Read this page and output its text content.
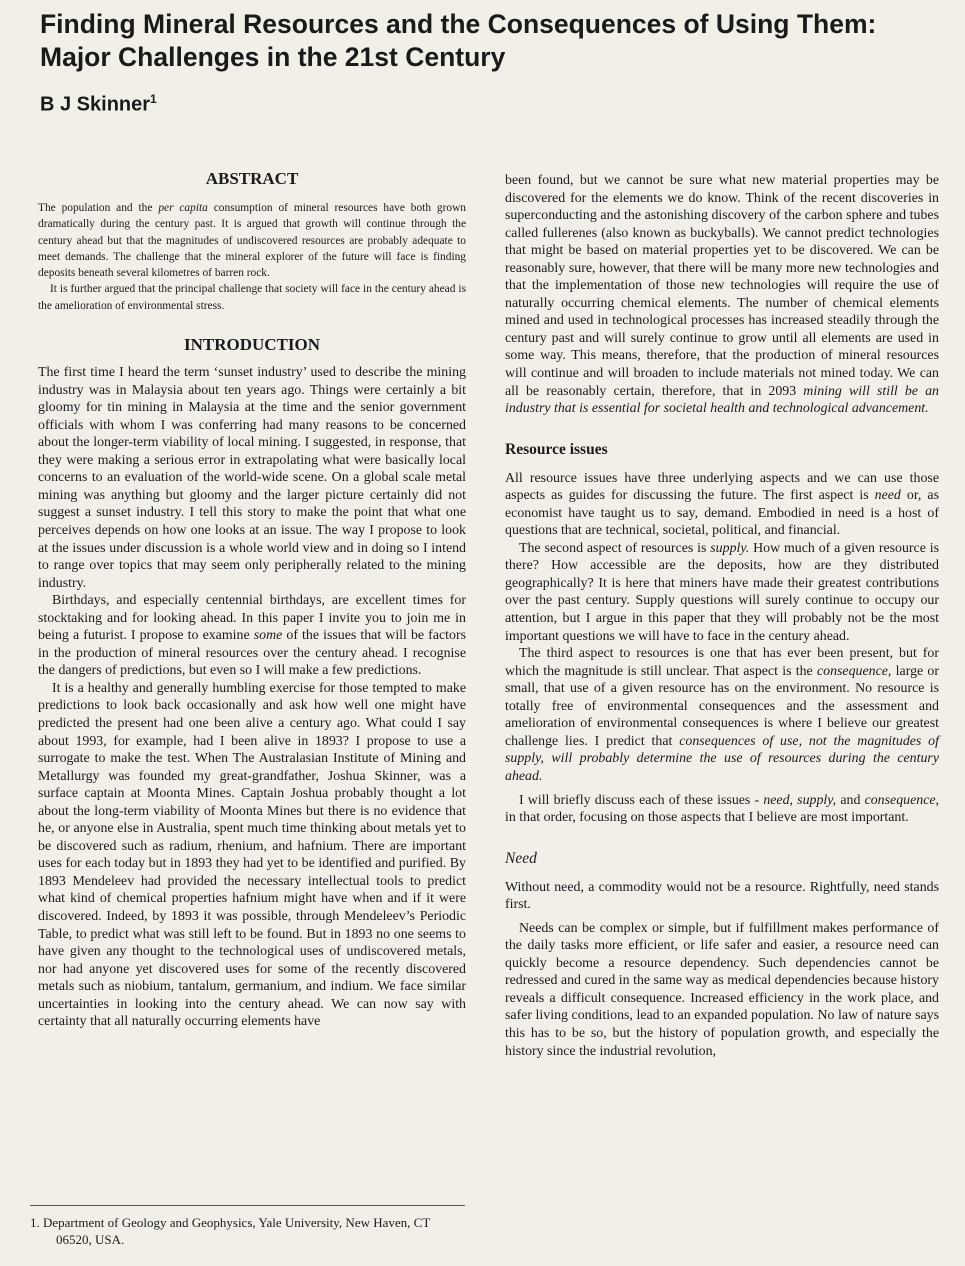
Finding Mineral Resources and the Consequences of Using Them: Major Challenges in the 21st Century

B J Skinner$^1$

ABSTRACT

The population and the per capita consumption of mineral resources have both grown dramatically during the century past. It is argued that growth will continue through the century ahead but that the magnitudes of undiscovered resources are probably adequate to meet demands. The challenge that the mineral explorer of the future will face is finding deposits beneath several kilometres of barren rock.

It is further argued that the principal challenge that society will face in the century ahead is the amelioration of environmental stress.

INTRODUCTION

The first time I heard the term ‘sunset industry’ used to describe the mining industry was in Malaysia about ten years ago. Things were certainly a bit gloomy for tin mining in Malaysia at the time and the senior government officials with whom I was conferring had many reasons to be concerned about the longer-term viability of local mining. I suggested, in response, that they were making a serious error in extrapolating what were basically local concerns to an evaluation of the world-wide scene. On a global scale metal mining was anything but gloomy and the larger picture certainly did not suggest a sunset industry. I tell this story to make the point that what one perceives depends on how one looks at an issue. The way I propose to look at the issues under discussion is a whole world view and in doing so I intend to range over topics that may seem only peripherally related to the mining industry.

Birthdays, and especially centennial birthdays, are excellent times for stocktaking and for looking ahead. In this paper I invite you to join me in being a futurist. I propose to examine some of the issues that will be factors in the production of mineral resources over the century ahead. I recognise the dangers of predictions, but even so I will make a few predictions.

It is a healthy and generally humbling exercise for those tempted to make predictions to look back occasionally and ask how well one might have predicted the present had one been alive a century ago. What could I say about 1993, for example, had I been alive in 1893? I propose to use a surrogate to make the test. When The Australasian Institute of Mining and Metallurgy was founded my great-grandfather, Joshua Skinner, was a surface captain at Moonta Mines. Captain Joshua probably thought a lot about the long-term viability of Moonta Mines but there is no evidence that he, or anyone else in Australia, spent much time thinking about metals yet to be discovered such as radium, rhenium, and hafnium. There are important uses for each today but in 1893 they had yet to be identified and purified. By 1893 Mendeleev had provided the necessary intellectual tools to predict what kind of chemical properties hafnium might have when and if it were discovered. Indeed, by 1893 it was possible, through Mendeleev’s Periodic Table, to predict what was still left to be found. But in 1893 no one seems to have given any thought to the technological uses of undiscovered metals, nor had anyone yet discovered uses for some of the recently discovered metals such as niobium, tantalum, germanium, and indium. We face similar uncertainties in looking into the century ahead. We can now say with certainty that all naturally occurring elements have

been found, but we cannot be sure what new material properties may be discovered for the elements we do know. Think of the recent discoveries in superconducting and the astonishing discovery of the carbon sphere and tubes called fullerenes (also known as buckyballs). We cannot predict technologies that might be based on material properties yet to be discovered. We can be reasonably sure, however, that there will be many more new technologies and that the implementation of those new technologies will require the use of naturally occurring chemical elements. The number of chemical elements mined and used in technological processes has increased steadily through the century past and will surely continue to grow until all elements are used in some way. This means, therefore, that the production of mineral resources will continue and will broaden to include materials not mined today. We can all be reasonably certain, therefore, that in 2093 mining will still be an industry that is essential for societal health and technological advancement.

Resource issues

All resource issues have three underlying aspects and we can use those aspects as guides for discussing the future. The first aspect is need or, as economist have taught us to say, demand. Embodied in need is a host of questions that are technical, societal, political, and financial.

The second aspect of resources is supply. How much of a given resource is there? How accessible are the deposits, how are they distributed geographically? It is here that miners have made their greatest contributions over the past century. Supply questions will surely continue to occupy our attention, but I argue in this paper that they will probably not be the most important questions we will have to face in the century ahead.

The third aspect to resources is one that has ever been present, but for which the magnitude is still unclear. That aspect is the consequence, large or small, that use of a given resource has on the environment. No resource is totally free of environmental consequences and the assessment and amelioration of environmental consequences is where I believe our greatest challenge lies. I predict that consequences of use, not the magnitudes of supply, will probably determine the use of resources during the century ahead.

I will briefly discuss each of these issues - need, supply, and consequence, in that order, focusing on those aspects that I believe are most important.

Need

Without need, a commodity would not be a resource. Rightfully, need stands first.

Needs can be complex or simple, but if fulfillment makes performance of the daily tasks more efficient, or life safer and easier, a resource need can quickly become a resource dependency. Such dependencies cannot be redressed and cured in the same way as medical dependencies because history reveals a difficult consequence. Increased efficiency in the work place, and safer living conditions, lead to an expanded population. No law of nature says this has to be so, but the history of population growth, and especially the history since the industrial revolution,

1. Department of Geology and Geophysics, Yale University, New Haven, CT 06520, USA.
